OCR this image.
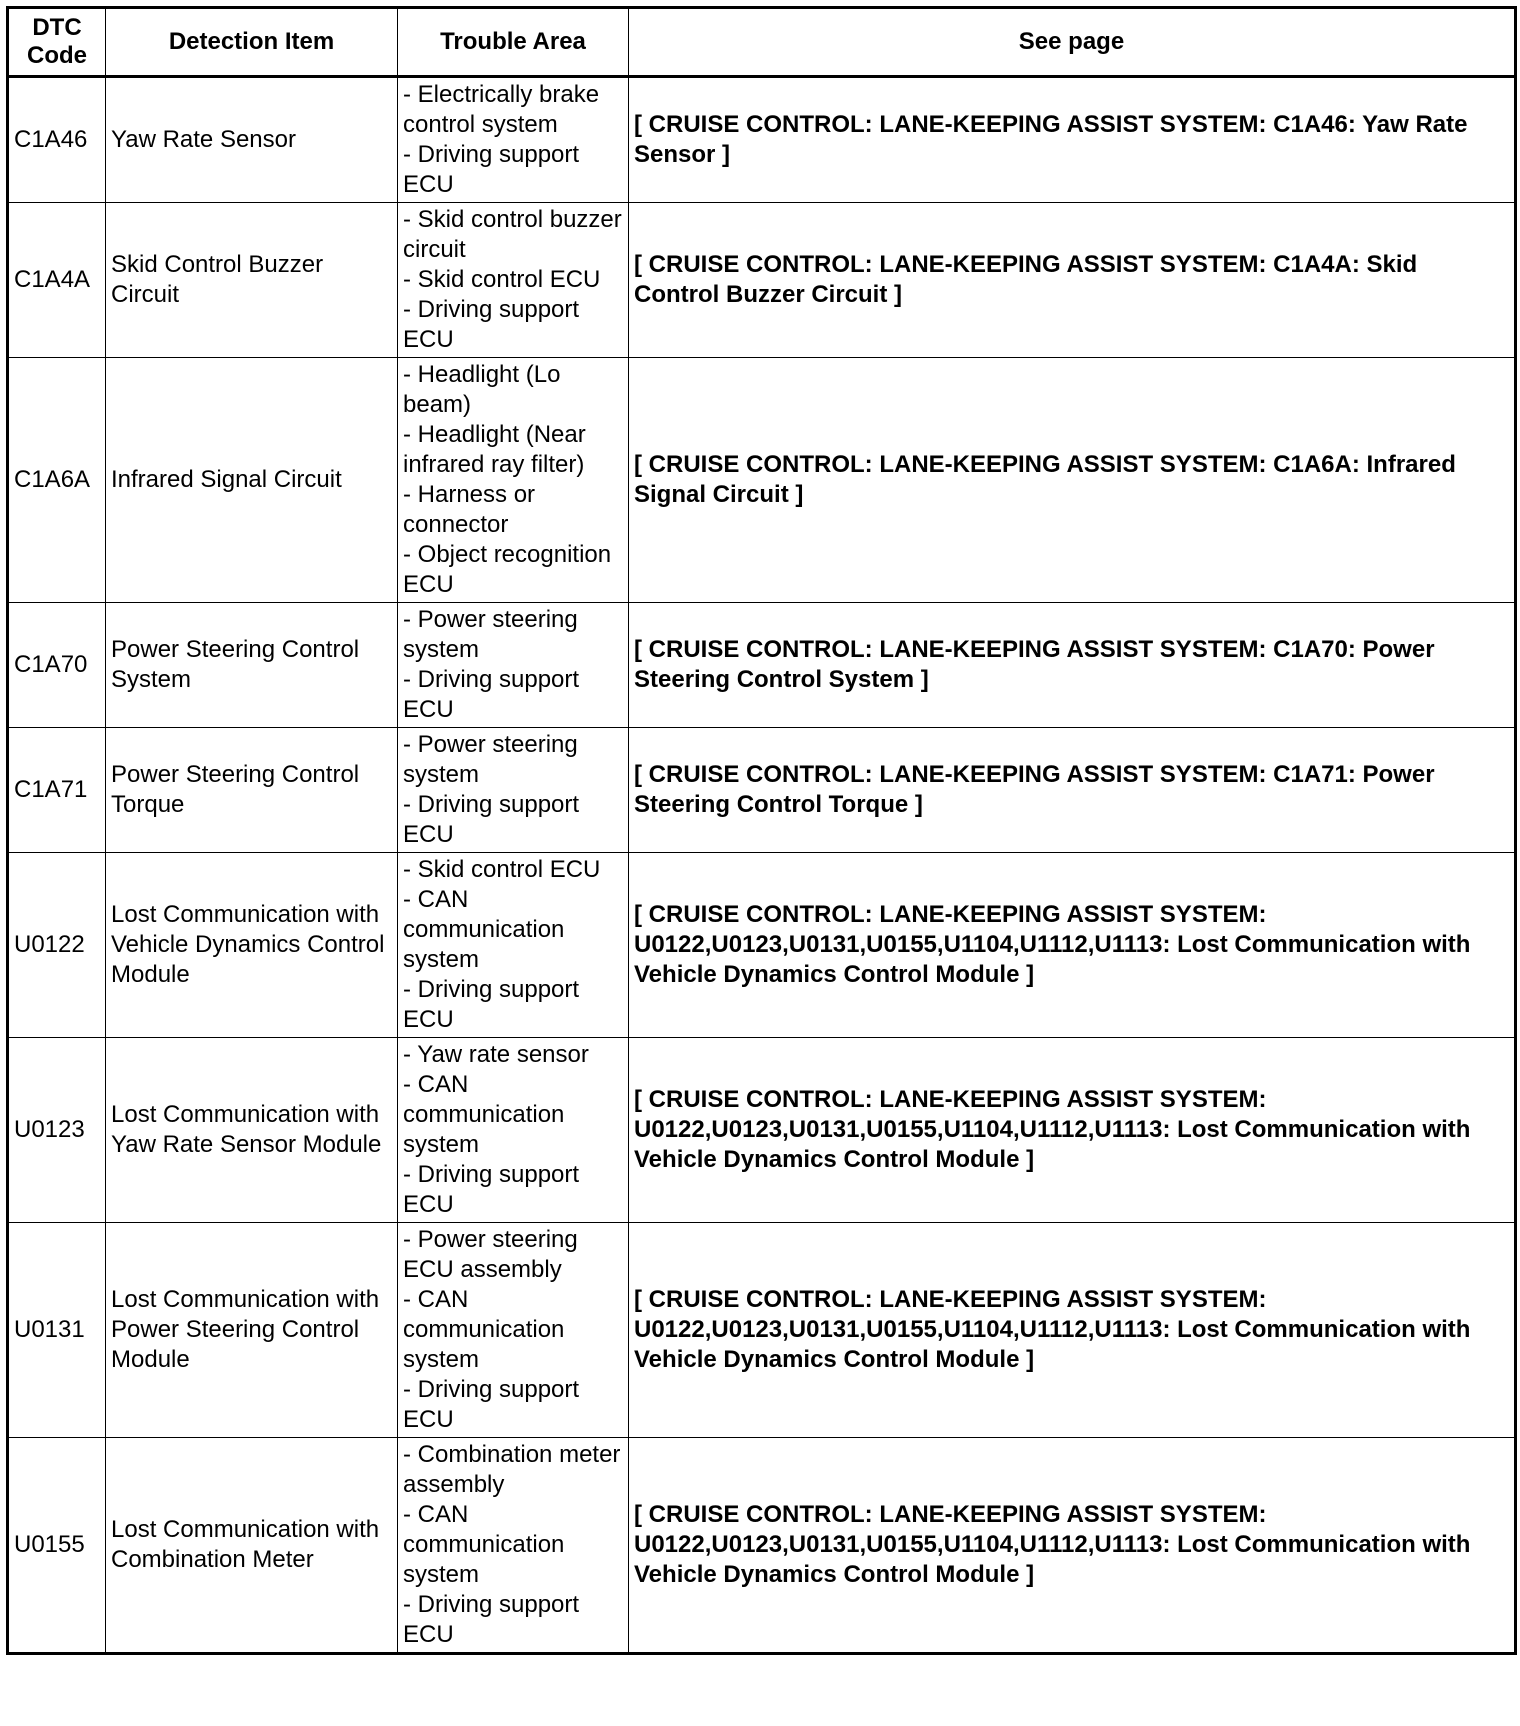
DTC Code	Detection Item	Trouble Area	See page
C1A46	Yaw Rate Sensor	- Electrically brake control system
- Driving support ECU	[ CRUISE CONTROL: LANE-KEEPING ASSIST SYSTEM: C1A46: Yaw Rate Sensor ]
C1A4A	Skid Control Buzzer Circuit	- Skid control buzzer circuit
- Skid control ECU
- Driving support ECU	[ CRUISE CONTROL: LANE-KEEPING ASSIST SYSTEM: C1A4A: Skid Control Buzzer Circuit ]
C1A6A	Infrared Signal Circuit	- Headlight (Lo beam)
- Headlight (Near infrared ray filter)
- Harness or connector
- Object recognition ECU	[ CRUISE CONTROL: LANE-KEEPING ASSIST SYSTEM: C1A6A: Infrared Signal Circuit ]
C1A70	Power Steering Control System	- Power steering system
- Driving support ECU	[ CRUISE CONTROL: LANE-KEEPING ASSIST SYSTEM: C1A70: Power Steering Control System ]
C1A71	Power Steering Control Torque	- Power steering system
- Driving support ECU	[ CRUISE CONTROL: LANE-KEEPING ASSIST SYSTEM: C1A71: Power Steering Control Torque ]
U0122	Lost Communication with Vehicle Dynamics Control Module	- Skid control ECU
- CAN communication system
- Driving support ECU	[ CRUISE CONTROL: LANE-KEEPING ASSIST SYSTEM: U0122,U0123,U0131,U0155,U1104,U1112,U1113: Lost Communication with Vehicle Dynamics Control Module ]
U0123	Lost Communication with Yaw Rate Sensor Module	- Yaw rate sensor
- CAN communication system
- Driving support ECU	[ CRUISE CONTROL: LANE-KEEPING ASSIST SYSTEM: U0122,U0123,U0131,U0155,U1104,U1112,U1113: Lost Communication with Vehicle Dynamics Control Module ]
U0131	Lost Communication with Power Steering Control Module	- Power steering ECU assembly
- CAN communication system
- Driving support ECU	[ CRUISE CONTROL: LANE-KEEPING ASSIST SYSTEM: U0122,U0123,U0131,U0155,U1104,U1112,U1113: Lost Communication with Vehicle Dynamics Control Module ]
U0155	Lost Communication with Combination Meter	- Combination meter assembly
- CAN communication system
- Driving support ECU	[ CRUISE CONTROL: LANE-KEEPING ASSIST SYSTEM: U0122,U0123,U0131,U0155,U1104,U1112,U1113: Lost Communication with Vehicle Dynamics Control Module ]
